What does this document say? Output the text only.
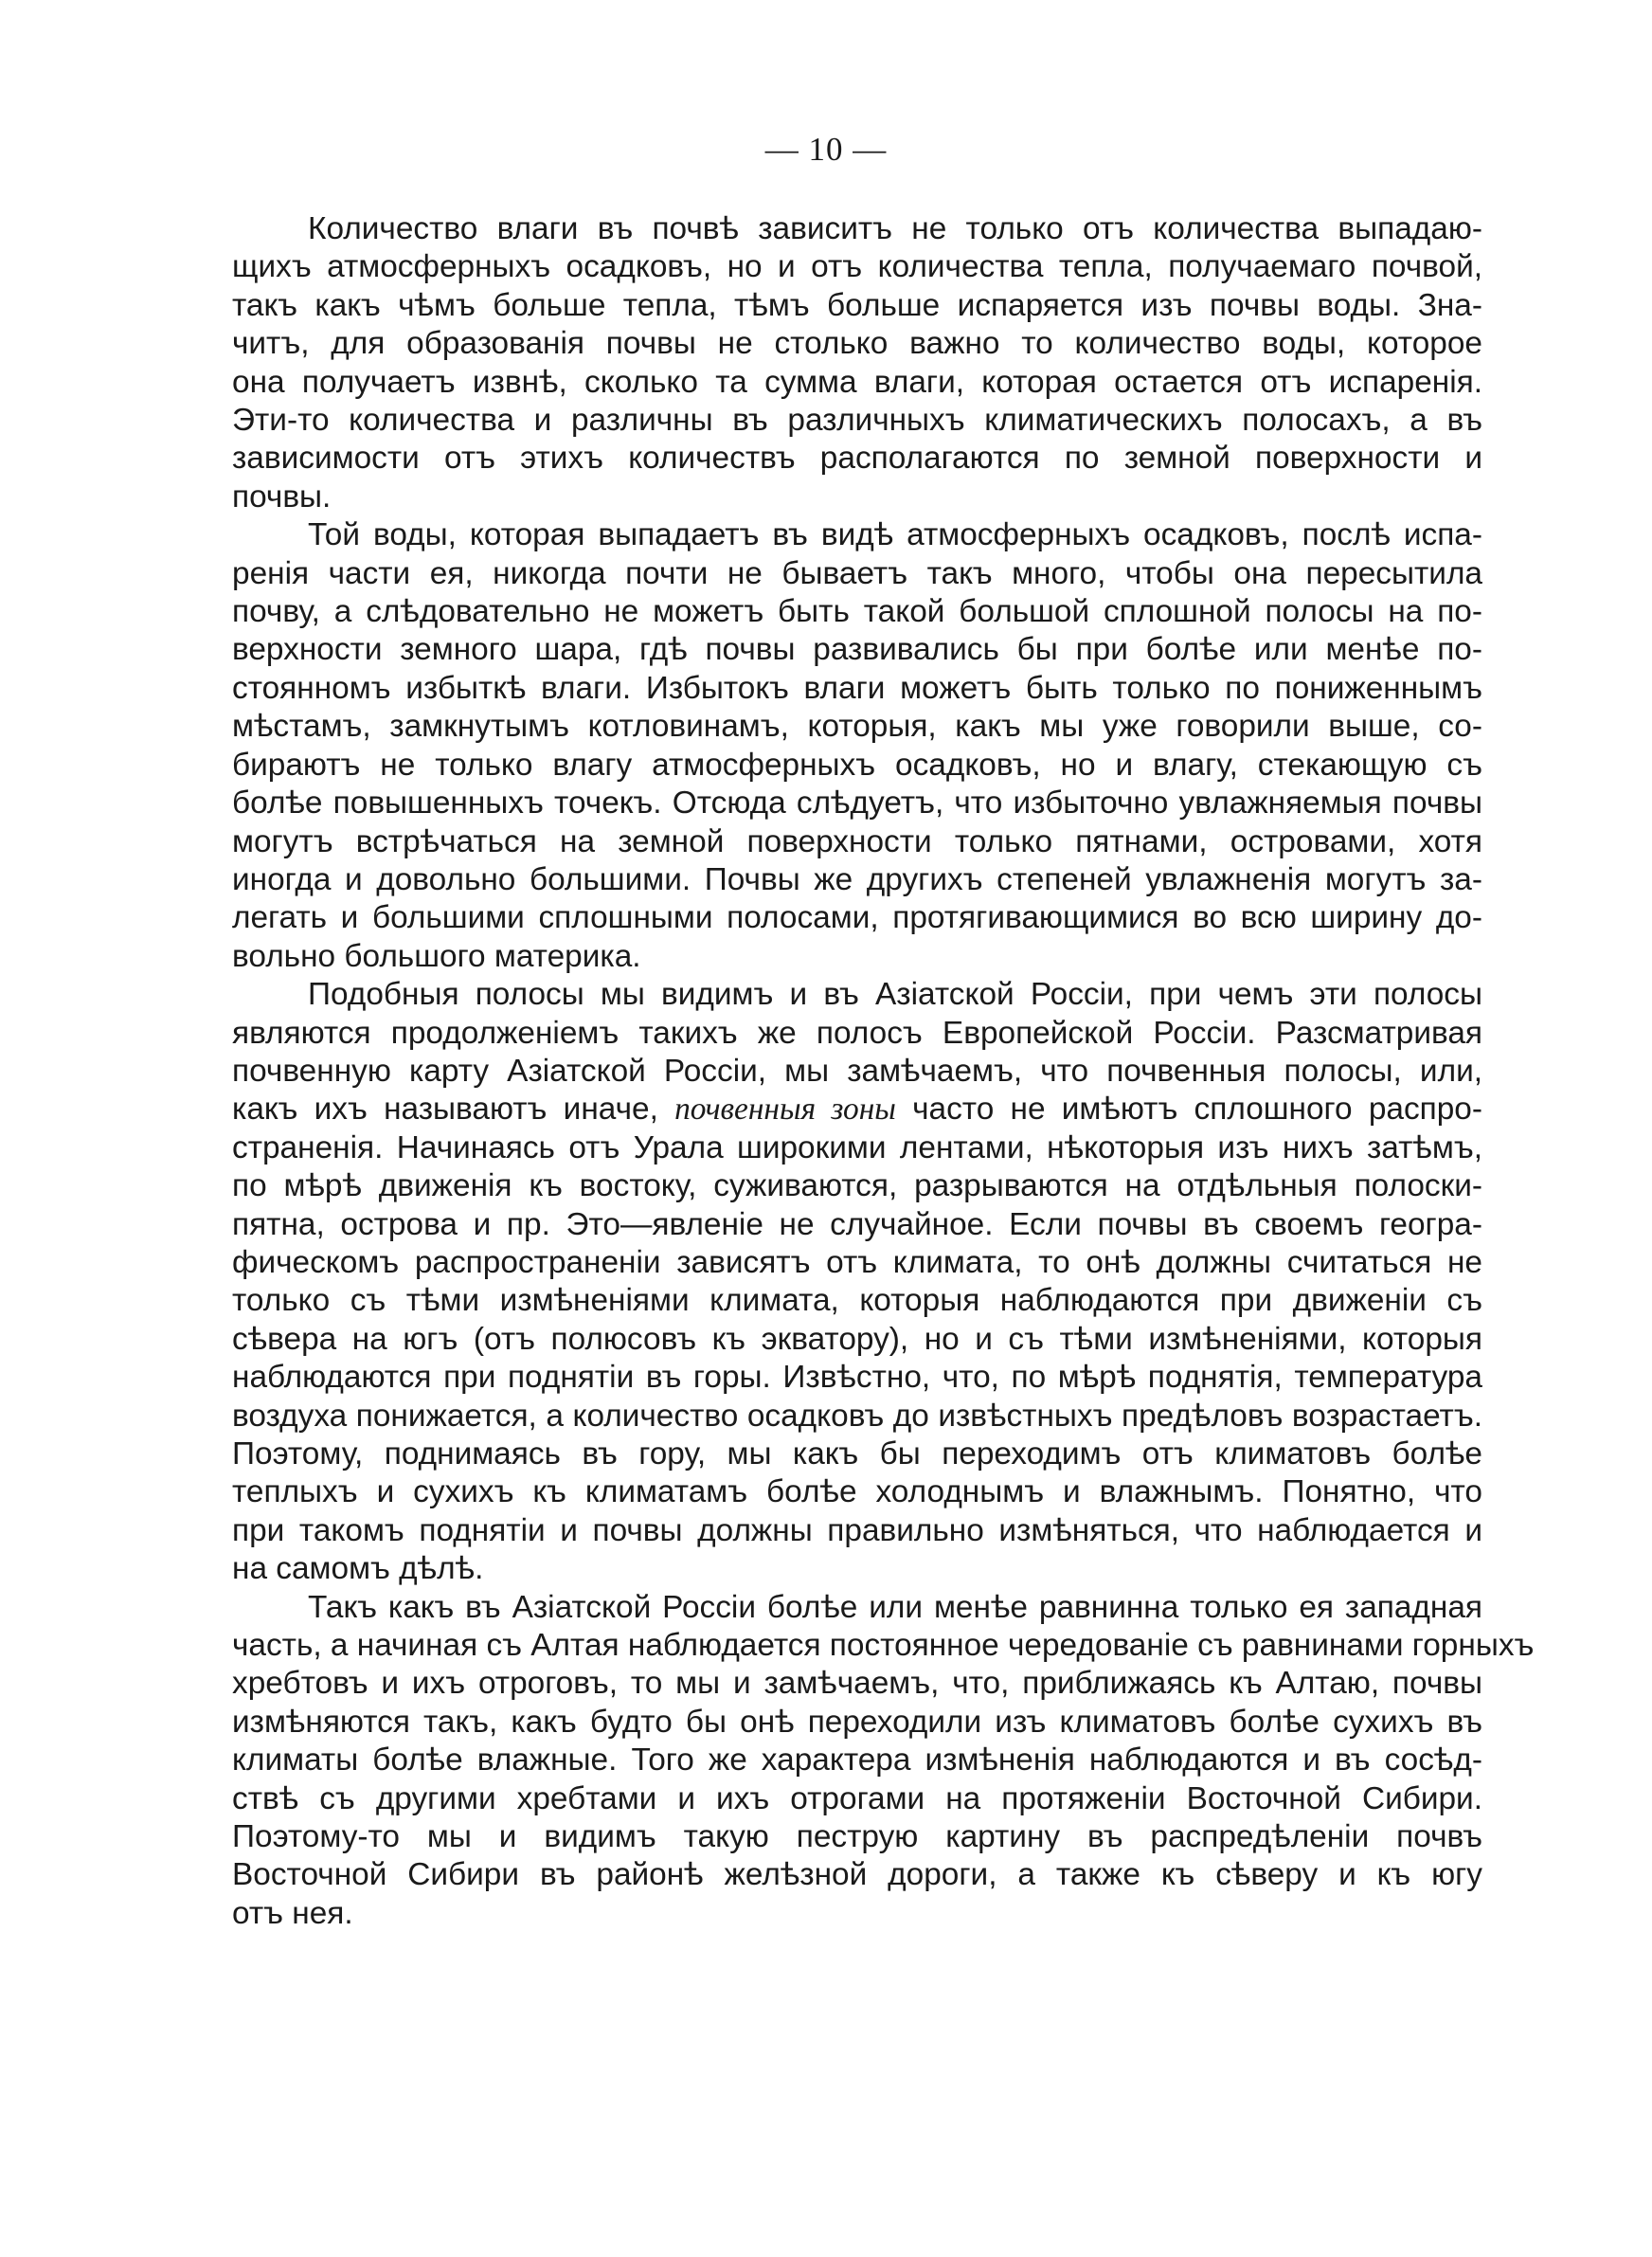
— 10 —
Количество влаги въ почвѣ зависитъ не только отъ количества выпадаю-
щихъ атмосферныхъ осадковъ, но и отъ количества тепла, получаемаго почвой,
такъ какъ чѣмъ больше тепла, тѣмъ больше испаряется изъ почвы воды. Зна-
читъ, для образованія почвы не столько важно то количество воды, которое
она получаетъ извнѣ, сколько та сумма влаги, которая остается отъ испаренія.
Эти-то количества и различны въ различныхъ климатическихъ полосахъ, а въ
зависимости отъ этихъ количествъ располагаются по земной поверхности и
почвы.
Той воды, которая выпадаетъ въ видѣ атмосферныхъ осадковъ, послѣ испа-
ренія части ея, никогда почти не бываетъ такъ много, чтобы она пересытила
почву, а слѣдовательно не можетъ быть такой большой сплошной полосы на по-
верхности земного шара, гдѣ почвы развивались бы при болѣе или менѣе по-
стоянномъ избыткѣ влаги. Избытокъ влаги можетъ быть только по пониженнымъ
мѣстамъ, замкнутымъ котловинамъ, которыя, какъ мы уже говорили выше, со-
бираютъ не только влагу атмосферныхъ осадковъ, но и влагу, стекающую съ
болѣе повышенныхъ точекъ. Отсюда слѣдуетъ, что избыточно увлажняемыя почвы
могутъ встрѣчаться на земной поверхности только пятнами, островами, хотя
иногда и довольно большими. Почвы же другихъ степеней увлажненія могутъ за-
легать и большими сплошными полосами, протягивающимися во всю ширину до-
вольно большого материка.
Подобныя полосы мы видимъ и въ Азіатской Россіи, при чемъ эти полосы
являются продолженіемъ такихъ же полосъ Европейской Россіи. Разсматривая
почвенную карту Азіатской Россіи, мы замѣчаемъ, что почвенныя полосы, или,
какъ ихъ называютъ иначе, почвенныя зоны часто не имѣютъ сплошного распро-
страненія. Начинаясь отъ Урала широкими лентами, нѣкоторыя изъ нихъ затѣмъ,
по мѣрѣ движенія къ востоку, суживаются, разрываются на отдѣльныя полоски-
пятна, острова и пр. Это—явленіе не случайное. Если почвы въ своемъ геогра-
фическомъ распространеніи зависятъ отъ климата, то онѣ должны считаться не
только съ тѣми измѣненіями климата, которыя наблюдаются при движеніи съ
сѣвера на югъ (отъ полюсовъ къ экватору), но и съ тѣми измѣненіями, которыя
наблюдаются при поднятіи въ горы. Извѣстно, что, по мѣрѣ поднятія, температура
воздуха понижается, а количество осадковъ до извѣстныхъ предѣловъ возрастаетъ.
Поэтому, поднимаясь въ гору, мы какъ бы переходимъ отъ климатовъ болѣе
теплыхъ и сухихъ къ климатамъ болѣе холоднымъ и влажнымъ. Понятно, что
при такомъ поднятіи и почвы должны правильно измѣняться, что наблюдается и
на самомъ дѣлѣ.
Такъ какъ въ Азіатской Россіи болѣе или менѣе равнинна только ея западная
часть, а начиная съ Алтая наблюдается постоянное чередованіе съ равнинами горныхъ
хребтовъ и ихъ отроговъ, то мы и замѣчаемъ, что, приближаясь къ Алтаю, почвы
измѣняются такъ, какъ будто бы онѣ переходили изъ климатовъ болѣе сухихъ въ
климаты болѣе влажные. Того же характера измѣненія наблюдаются и въ сосѣд-
ствѣ съ другими хребтами и ихъ отрогами на протяженіи Восточной Сибири.
Поэтому-то мы и видимъ такую пеструю картину въ распредѣленіи почвъ
Восточной Сибири въ районѣ желѣзной дороги, а также къ сѣверу и къ югу
отъ нея.
